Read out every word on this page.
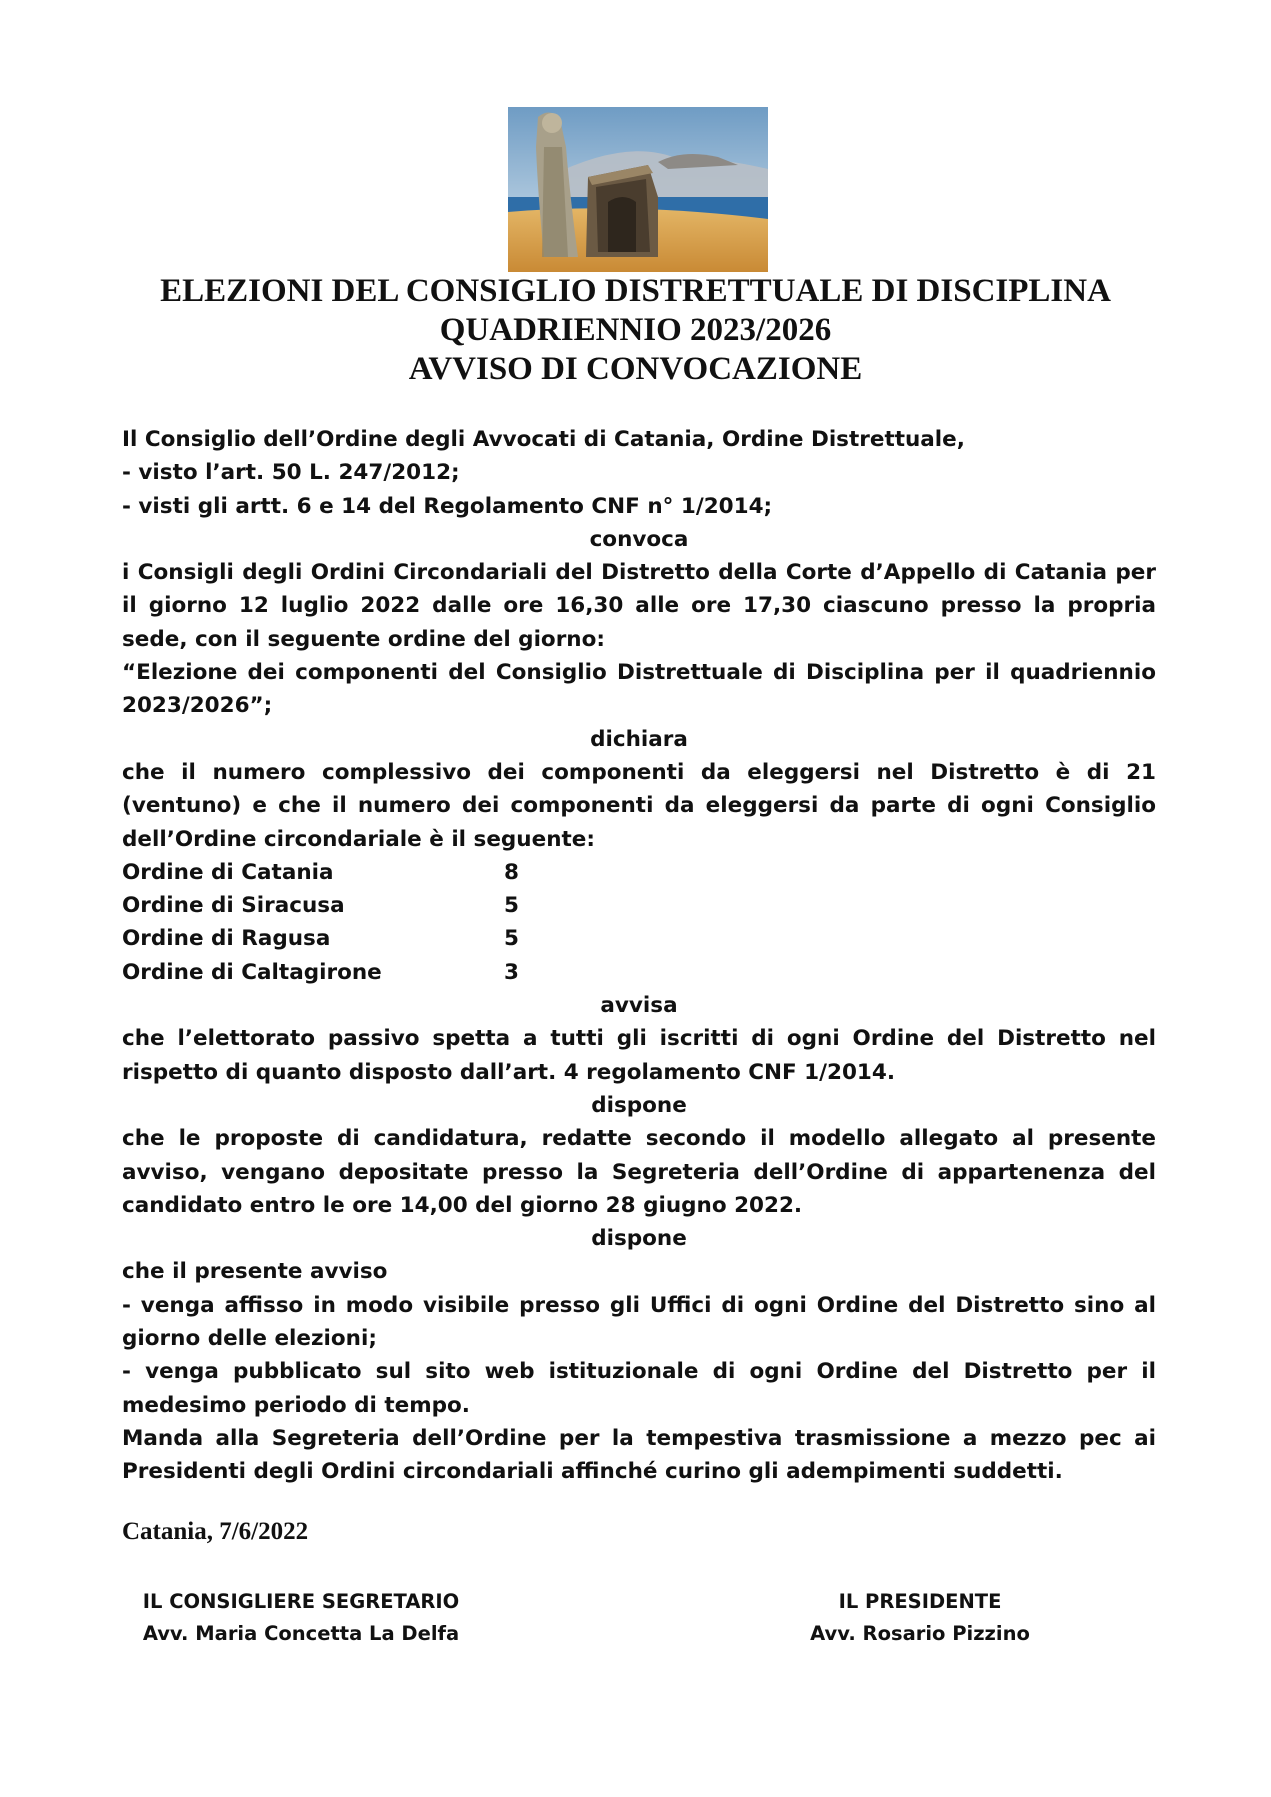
ELEZIONI DEL CONSIGLIO DISTRETTUALE DI DISCIPLINA
QUADRIENNIO 2023/2026
AVVISO DI CONVOCAZIONE

Il Consiglio dell’Ordine degli Avvocati di Catania, Ordine Distrettuale,

- visto l’art. 50 L. 247/2012;

- visti gli artt. 6 e 14 del Regolamento CNF n° 1/2014;

convoca

i Consigli degli Ordini Circondariali del Distretto della Corte d’Appello di Catania per il giorno 12 luglio 2022 dalle ore 16,30 alle ore 17,30 ciascuno presso la propria sede, con il seguente ordine del giorno:

“Elezione dei componenti del Consiglio Distrettuale di Disciplina per il quadriennio 2023/2026”;

dichiara

che il numero complessivo dei componenti da eleggersi nel Distretto è di 21 (ventuno) e che il numero dei componenti da eleggersi da parte di ogni Consiglio dell’Ordine circondariale è il seguente:

Ordine di Catania	8
Ordine di Siracusa	5
Ordine di Ragusa	5
Ordine di Caltagirone	3

avvisa

che l’elettorato passivo spetta a tutti gli iscritti di ogni Ordine del Distretto nel rispetto di quanto disposto dall’art. 4 regolamento CNF 1/2014.

dispone

che le proposte di candidatura, redatte secondo il modello allegato al presente avviso, vengano depositate presso la Segreteria dell’Ordine di appartenenza del candidato entro le ore 14,00 del giorno 28 giugno 2022.

dispone

che il presente avviso

- venga affisso in modo visibile presso gli Uffici di ogni Ordine del Distretto sino al giorno delle elezioni;

- venga pubblicato sul sito web istituzionale di ogni Ordine del Distretto per il medesimo periodo di tempo.

Manda alla Segreteria dell’Ordine per la tempestiva trasmissione a mezzo pec ai Presidenti degli Ordini circondariali affinché curino gli adempimenti suddetti.

Catania, 7/6/2022
IL CONSIGLIERE SEGRETARIO
Avv. Maria Concetta La Delfa
IL PRESIDENTE
Avv. Rosario Pizzino
